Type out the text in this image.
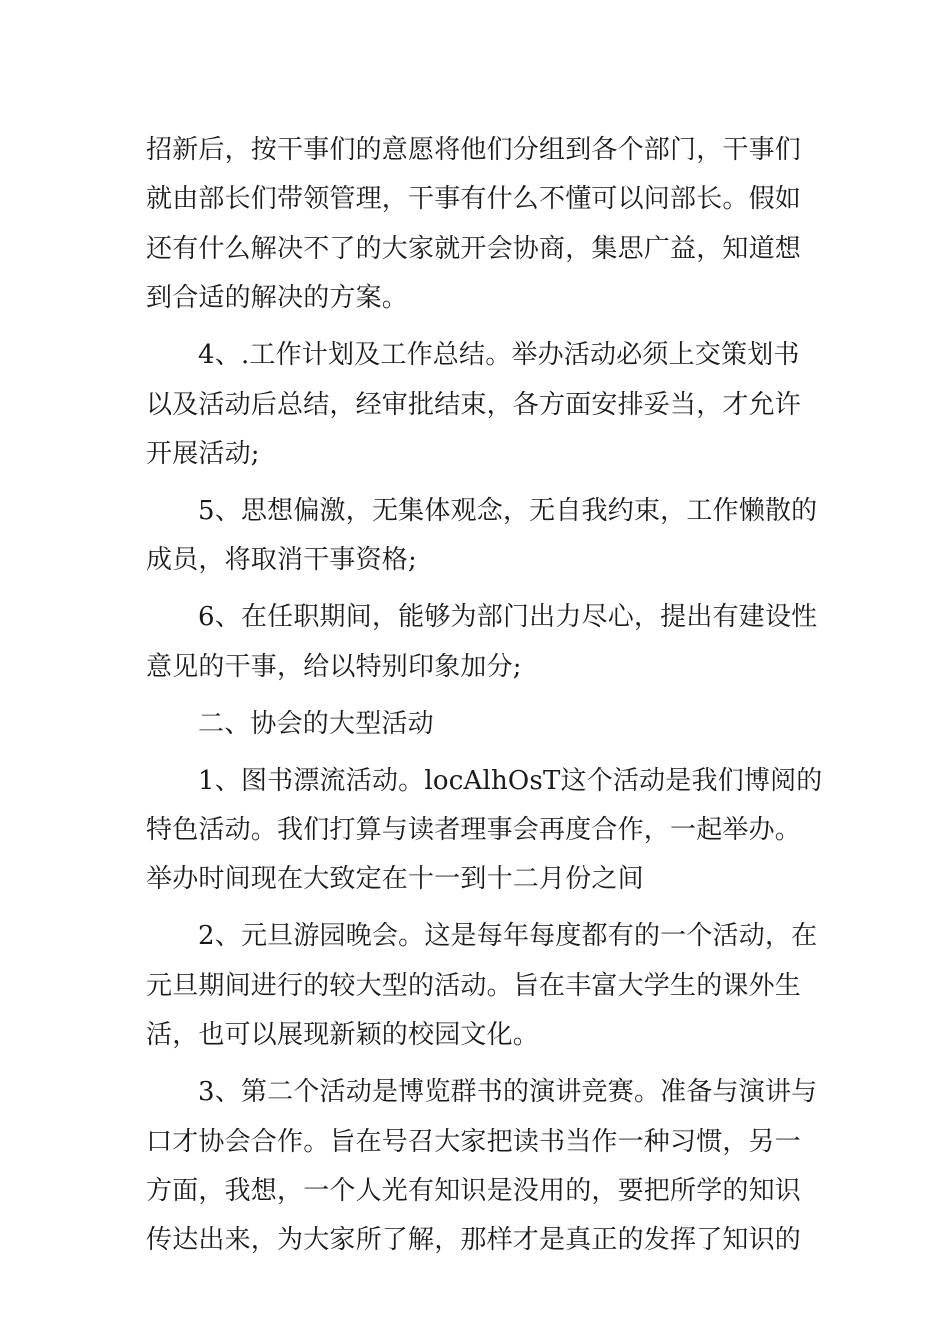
招新后，按干事们的意愿将他们分组到各个部门，干事们
就由部长们带领管理，干事有什么不懂可以问部长。假如
还有什么解决不了的大家就开会协商，集思广益，知道想
到合适的解决的方案。
4、.工作计划及工作总结。举办活动必须上交策划书
以及活动后总结，经审批结束，各方面安排妥当，才允许
开展活动;
5、思想偏激，无集体观念，无自我约束，工作懒散的
成员，将取消干事资格;
6、在任职期间，能够为部门出力尽心，提出有建设性
意见的干事，给以特别印象加分;
二、协会的大型活动
1、图书漂流活动。locAlhOsT这个活动是我们博阅的
特色活动。我们打算与读者理事会再度合作，一起举办。
举办时间现在大致定在十一到十二月份之间
2、元旦游园晚会。这是每年每度都有的一个活动，在
元旦期间进行的较大型的活动。旨在丰富大学生的课外生
活，也可以展现新颖的校园文化。
3、第二个活动是博览群书的演讲竞赛。准备与演讲与
口才协会合作。旨在号召大家把读书当作一种习惯，另一
方面，我想，一个人光有知识是没用的，要把所学的知识
传达出来，为大家所了解，那样才是真正的发挥了知识的
